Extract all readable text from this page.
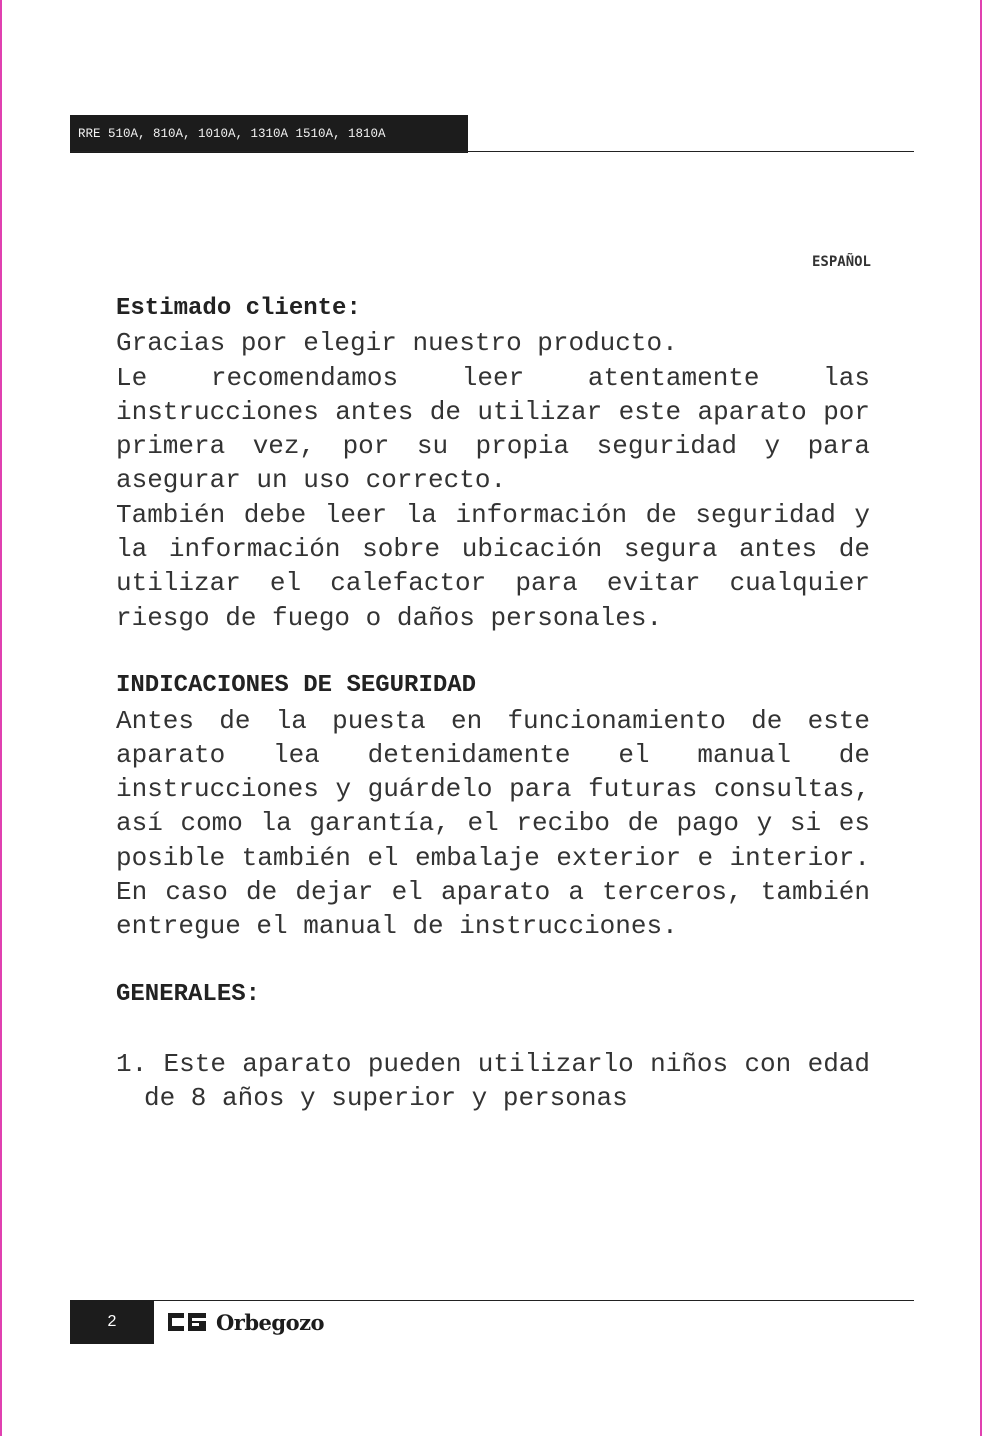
RRE 510A, 810A, 1010A, 1310A 1510A, 1810A
ESPAÑOL

Estimado cliente:

Gracias por elegir nuestro producto.

Le recomendamos leer atentamente las instrucciones antes de utilizar este aparato por primera vez, por su propia seguridad y para asegurar un uso correcto.

También debe leer la información de seguridad y la información sobre ubicación segura antes de utilizar el calefactor para evitar cualquier riesgo de fuego o daños personales.

INDICACIONES DE SEGURIDAD

Antes de la puesta en funcionamiento de este aparato lea detenidamente el manual de instrucciones y guárdelo para futuras consultas, así como la garantía, el recibo de pago y si es posible también el embalaje exterior e interior. En caso de dejar el aparato a terceros, también entregue el manual de instrucciones.

GENERALES:

1. Este aparato pueden utilizarlo niños con edad de 8 años y superior y personas

2	Orbegozo
